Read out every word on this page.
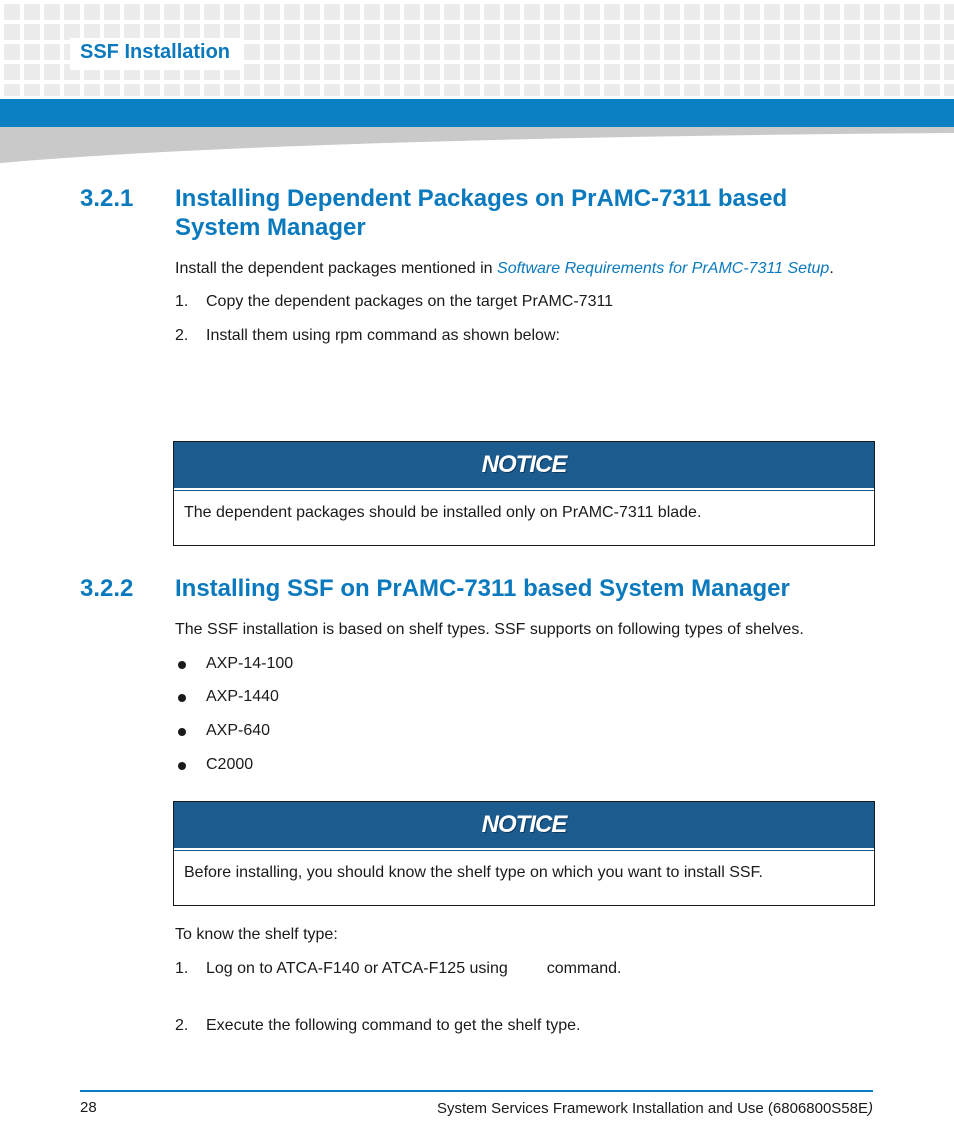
SSF Installation
3.2.1 Installing Dependent Packages on PrAMC-7311 based System Manager
Install the dependent packages mentioned in Software Requirements for PrAMC-7311 Setup.
1. Copy the dependent packages on the target PrAMC-7311
2. Install them using rpm command as shown below:
NOTICE
The dependent packages should be installed only on PrAMC-7311 blade.
3.2.2 Installing SSF on PrAMC-7311 based System Manager
The SSF installation is based on shelf types. SSF supports on following types of shelves.
AXP-14-100
AXP-1440
AXP-640
C2000
NOTICE
Before installing, you should know the shelf type on which you want to install SSF.
To know the shelf type:
1. Log on to ATCA-F140 or ATCA-F125 using command.
2. Execute the following command to get the shelf type.
28	System Services Framework Installation and Use (6806800S58E)
